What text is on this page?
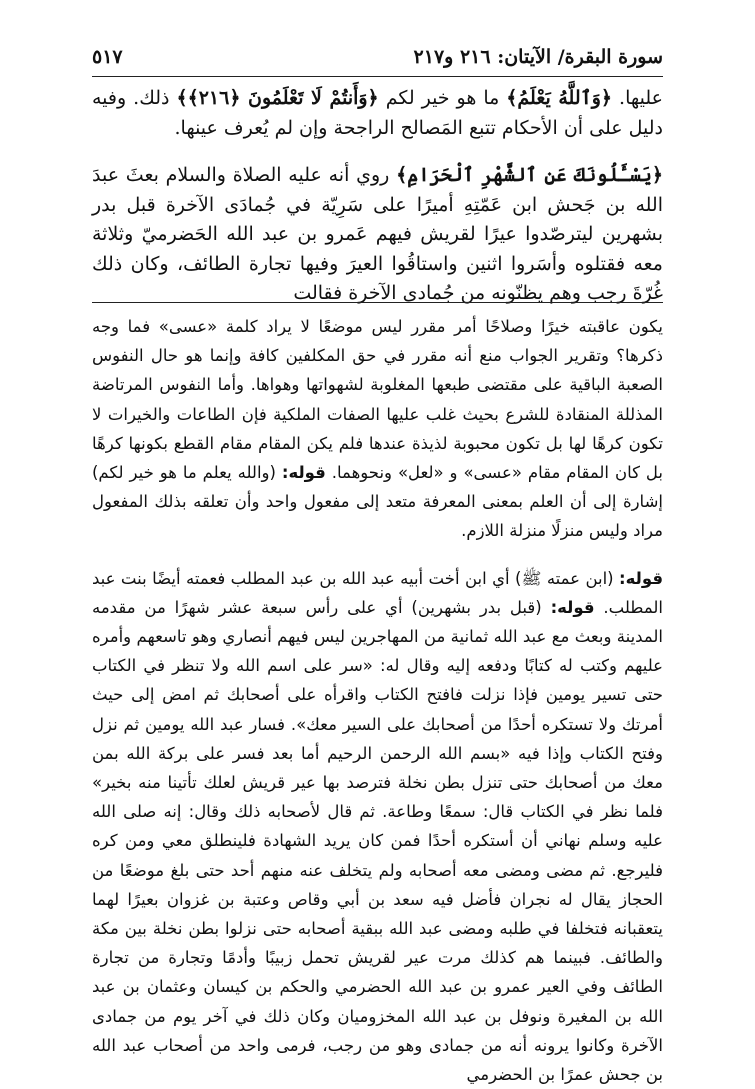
٥١٧	سورة البقرة/ الآيتان: ٢١٦ و٢١٧

عليها. ﴿وَٱللَّهُ يَعْلَمُ﴾ ما هو خير لكم ﴿وَأَنتُمْ لَا تَعْلَمُونَ ﴿٢١٦﴾﴾ ذلك. وفيه دليل على أن الأحكام تتبع المَصالح الراجحة وإن لم يُعرف عينها.

﴿يَسْـَٔلُونَكَ عَنِ ٱلشَّهْرِ ٱلْحَرَامِ﴾ روي أنه عليه الصلاة والسلام بعثَ عبدَ الله بن جَحش ابن عَمّتِهِ أميرًا على سَرِيّة في جُمادَى الآخرة قبل بدر بشهرين ليترصّدوا عيرًا لقريش فيهم عَمرو بن عبد الله الحَضرميّ وثلاثة معه فقتلوه وأسَروا اثنين واستاقُوا العيرَ وفيها تجارة الطائف، وكان ذلك غُرّةَ رجب وهم يظنّونه من جُمادى الآخرة فقالت

يكون عاقبته خيرًا وصلاحًا أمر مقرر ليس موضعًا لا يراد كلمة «عسى» فما وجه ذكرها؟ وتقرير الجواب منع أنه مقرر في حق المكلفين كافة وإنما هو حال النفوس الصعبة الباقية على مقتضى طبعها المغلوبة لشهواتها وهواها. وأما النفوس المرتاضة المذللة المنقادة للشرع بحيث غلب عليها الصفات الملكية فإن الطاعات والخيرات لا تكون كرهًا لها بل تكون محبوبة لذيذة عندها فلم يكن المقام مقام القطع بكونها كرهًا بل كان المقام مقام «عسى» و «لعل» ونحوهما. قوله: (والله يعلم ما هو خير لكم) إشارة إلى أن العلم بمعنى المعرفة متعد إلى مفعول واحد وأن تعلقه بذلك المفعول مراد وليس منزلًا منزلة اللازم.

قوله: (ابن عمته ﷺ) أي ابن أخت أبيه عبد الله بن عبد المطلب فعمته أيضًا بنت عبد المطلب. قوله: (قبل بدر بشهرين) أي على رأس سبعة عشر شهرًا من مقدمه المدينة وبعث مع عبد الله ثمانية من المهاجرين ليس فيهم أنصاري وهو تاسعهم وأمره عليهم وكتب له كتابًا ودفعه إليه وقال له: «سر على اسم الله ولا تنظر في الكتاب حتى تسير يومين فإذا نزلت فافتح الكتاب واقرأه على أصحابك ثم امض إلى حيث أمرتك ولا تستكره أحدًا من أصحابك على السير معك». فسار عبد الله يومين ثم نزل وفتح الكتاب وإذا فيه «بسم الله الرحمن الرحيم أما بعد فسر على بركة الله بمن معك من أصحابك حتى تنزل بطن نخلة فترصد بها عير قريش لعلك تأتينا منه بخير» فلما نظر في الكتاب قال: سمعًا وطاعة. ثم قال لأصحابه ذلك وقال: إنه صلى الله عليه وسلم نهاني أن أستكره أحدًا فمن كان يريد الشهادة فلينطلق معي ومن كره فليرجع. ثم مضى ومضى معه أصحابه ولم يتخلف عنه منهم أحد حتى بلغ موضعًا من الحجاز يقال له نجران فأضل فيه سعد بن أبي وقاص وعتبة بن غزوان بعيرًا لهما يتعقبانه فتخلفا في طلبه ومضى عبد الله ببقية أصحابه حتى نزلوا بطن نخلة بين مكة والطائف. فبينما هم كذلك مرت عير لقريش تحمل زبيبًا وأدمًا وتجارة من تجارة الطائف وفي العير عمرو بن عبد الله الحضرمي والحكم بن كيسان وعثمان بن عبد الله بن المغيرة ونوفل بن عبد الله المخزوميان وكان ذلك في آخر يوم من جمادى الآخرة وكانوا يرونه أنه من جمادى وهو من رجب، فرمى واحد من أصحاب عبد الله بن جحش عمرًا بن الحضرمي
